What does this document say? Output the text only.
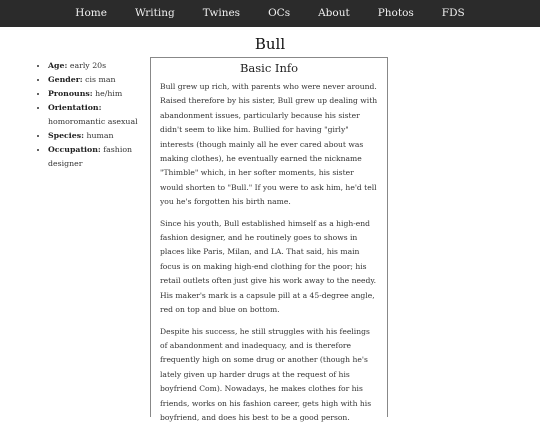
Home	Writing	Twines	OCs	About	Photos	FDS
Bull
• Age: early 20s
• Gender: cis man
• Pronouns: he/him
• Orientation: homoromantic asexual
• Species: human
• Occupation: fashion designer
Basic Info

Bull grew up rich, with parents who were never around. Raised therefore by his sister, Bull grew up dealing with abandonment issues, particularly because his sister didn't seem to like him. Bullied for having "girly" interests (though mainly all he ever cared about was making clothes), he eventually earned the nickname "Thimble" which, in her softer moments, his sister would shorten to "Bull." If you were to ask him, he'd tell you he's forgotten his birth name.

Since his youth, Bull established himself as a high-end fashion designer, and he routinely goes to shows in places like Paris, Milan, and LA. That said, his main focus is on making high-end clothing for the poor; his retail outlets often just give his work away to the needy. His maker's mark is a capsule pill at a 45-degree angle, red on top and blue on bottom.

Despite his success, he still struggles with his feelings of abandonment and inadequacy, and is therefore frequently high on some drug or another (though he's lately given up harder drugs at the request of his boyfriend Com). Nowadays, he makes clothes for his friends, works on his fashion career, gets high with his boyfriend, and does his best to be a good person.
